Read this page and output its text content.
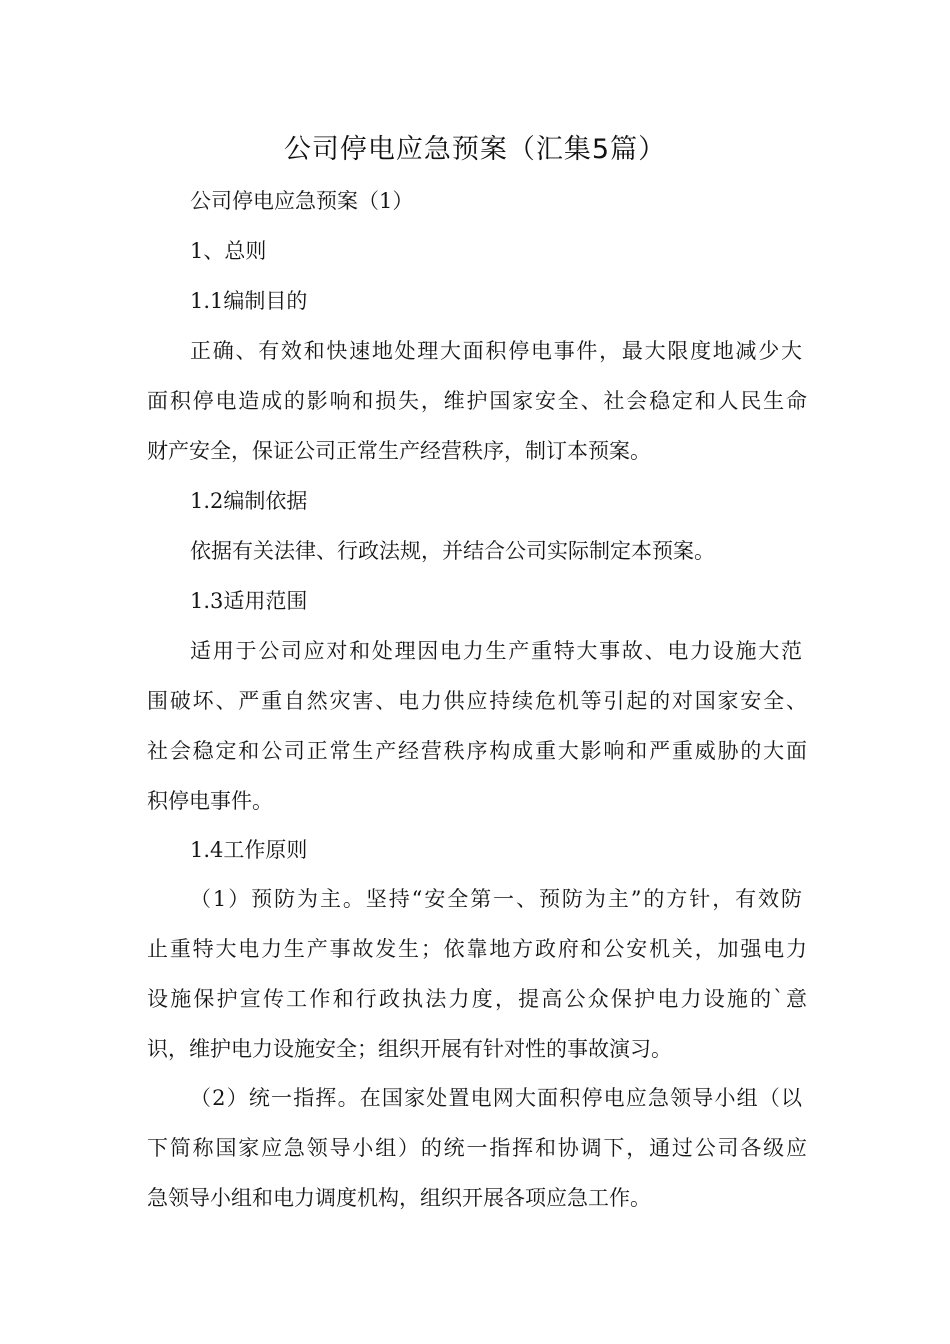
公司停电应急预案（汇集5篇）
公司停电应急预案（1）
1、总则
1.1编制目的
正确、有效和快速地处理大面积停电事件，最大限度地减少大
面积停电造成的影响和损失，维护国家安全、社会稳定和人民生命
财产安全，保证公司正常生产经营秩序，制订本预案。
1.2编制依据
依据有关法律、行政法规，并结合公司实际制定本预案。
1.3适用范围
适用于公司应对和处理因电力生产重特大事故、电力设施大范
围破坏、严重自然灾害、电力供应持续危机等引起的对国家安全、
社会稳定和公司正常生产经营秩序构成重大影响和严重威胁的大面
积停电事件。
1.4工作原则
（1）预防为主。坚持“安全第一、预防为主”的方针，有效防
止重特大电力生产事故发生；依靠地方政府和公安机关，加强电力
设施保护宣传工作和行政执法力度，提高公众保护电力设施的`意
识，维护电力设施安全；组织开展有针对性的事故演习。
（2）统一指挥。在国家处置电网大面积停电应急领导小组（以
下简称国家应急领导小组）的统一指挥和协调下，通过公司各级应
急领导小组和电力调度机构，组织开展各项应急工作。
